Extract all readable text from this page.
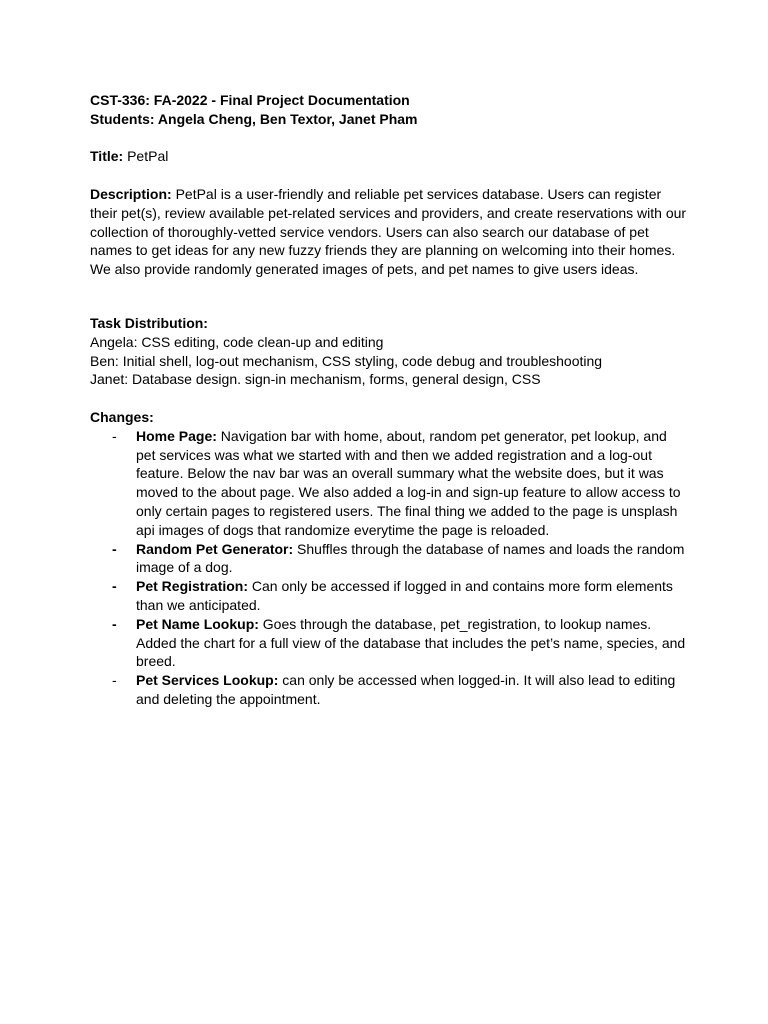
CST-336: FA-2022 - Final Project Documentation

Students: Angela Cheng, Ben Textor, Janet Pham

Title: PetPal

Description: PetPal is a user-friendly and reliable pet services database. Users can register their pet(s), review available pet-related services and providers, and create reservations with our collection of thoroughly-vetted service vendors. Users can also search our database of pet names to get ideas for any new fuzzy friends they are planning on welcoming into their homes. We also provide randomly generated images of pets, and pet names to give users ideas.

Task Distribution:

Angela: CSS editing, code clean-up and editing

Ben: Initial shell, log-out mechanism, CSS styling, code debug and troubleshooting

Janet: Database design. sign-in mechanism, forms, general design, CSS

Changes:

- Home Page: Navigation bar with home, about, random pet generator, pet lookup, and pet services was what we started with and then we added registration and a log-out feature. Below the nav bar was an overall summary what the website does, but it was moved to the about page. We also added a log-in and sign-up feature to allow access to only certain pages to registered users. The final thing we added to the page is unsplash api images of dogs that randomize everytime the page is reloaded.
- Random Pet Generator: Shuffles through the database of names and loads the random image of a dog.
- Pet Registration: Can only be accessed if logged in and contains more form elements than we anticipated.
- Pet Name Lookup: Goes through the database, pet_registration, to lookup names. Added the chart for a full view of the database that includes the pet’s name, species, and breed.
- Pet Services Lookup: can only be accessed when logged-in. It will also lead to editing and deleting the appointment.
